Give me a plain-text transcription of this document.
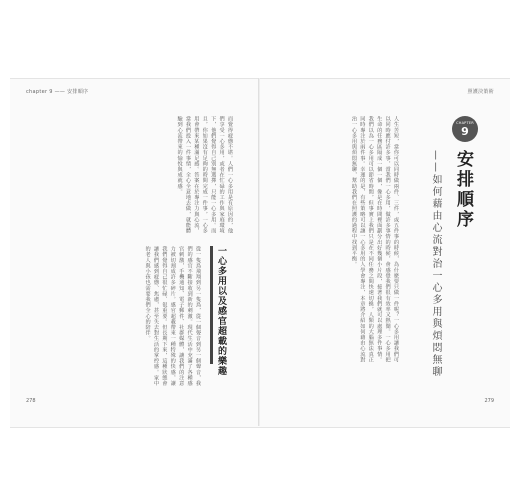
chapter 9 —— 安排順序	照護決策術
而覺得疲憊不堪。人們一心多用是有原因的，他們享受一心多用，或者在忙碌的工作與家庭環境下，他們覺得自己別無選擇，只能一心多用。而且，你如果沒有足夠的時間完成一件事，一心多用會帶來某種滿足感。答案在於專注力與心流，當我們投入一件事情，全心全意地去做，就能體驗到心流帶來的愉悅與成就感。
一心多用以及感官超載的樂趣
從一隻鳥飛翔到另一隻鳥，從一個聲音到另一個聲音，我們的感官不斷接收到新的刺激。現代生活中充滿了各種感官刺激，手機通知、電子郵件、社群媒體，讓我們的注意力被切割成許多碎片。感官超載帶來一種特殊的快感，讓我們覺得自己很忙碌、很重要。但長期下來，這種狀態會讓我們感到疲憊、焦慮，甚至失去對生活的掌控感。家中的老人與小孩也需要我們全心的陪伴。	人生苦短，當你可以同時做兩件、三件，或五件事的時候，為什麼要只做一件呢？一心多用讓我們可以同時應付許多事，當我們一心多用，做許多事情的時候，會感覺我們很有效率又熱鬧。一心多用把生命的任務區隔成一個一個，像是在時間裡面劃分出好幾個小片段，接著我們就可以處理多件事情。我們以為一心多用可以節省時間，但事實上我們只是在不同任務之間快速切換，人類的大腦無法真正同時專注於兩件事。幸運的是，有些策略可以讓一心多用的人學會專注，本章將介紹如何藉由心流對治一心多用與煩悶無聊，幫助我們在照護的過程中找到平衡。	CHAPTER
9
安排順序
——如何藉由心流對治一心多用與煩悶無聊
278	279
